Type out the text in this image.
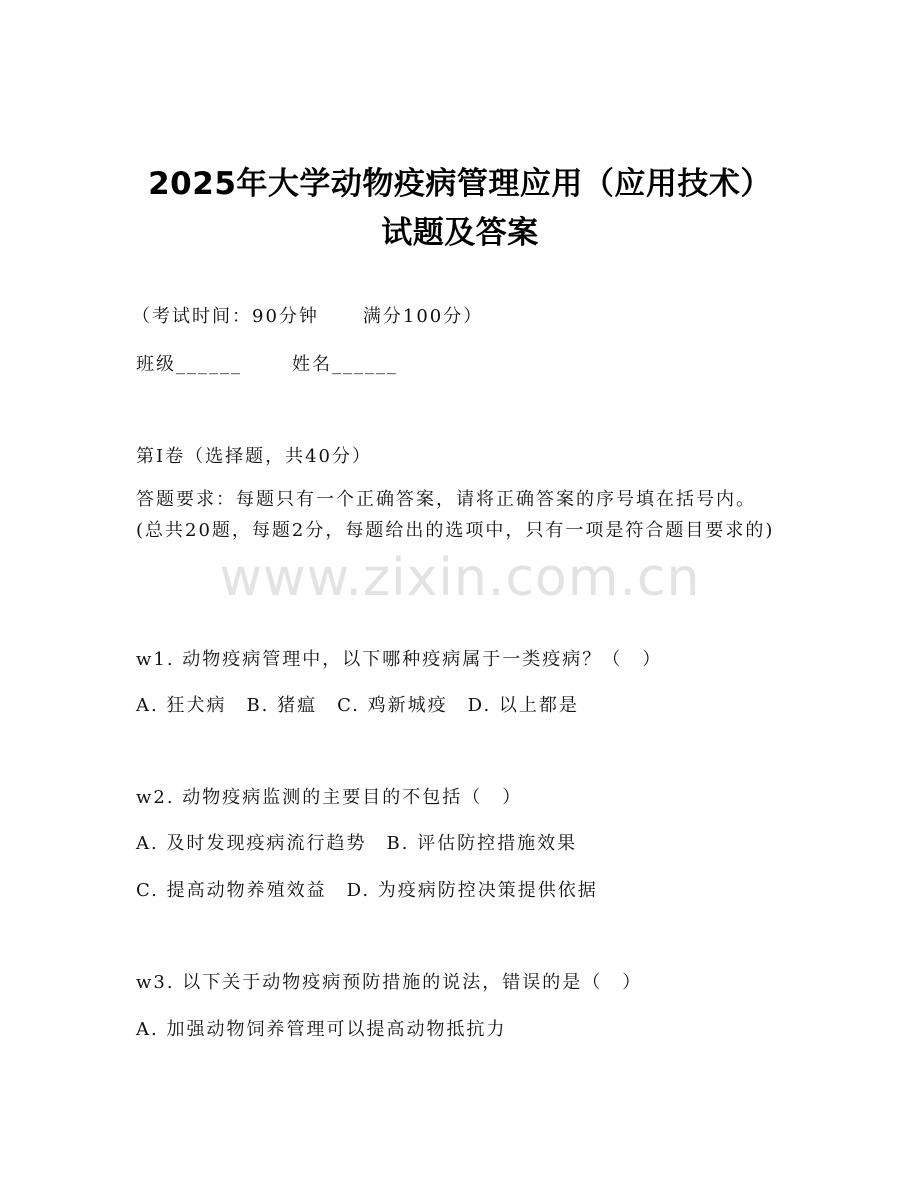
2025年大学动物疫病管理应用（应用技术）
试题及答案
（考试时间：90分钟 满分100分）
班级______	姓名______
第Ⅰ卷（选择题，共40分）
答题要求：每题只有一个正确答案，请将正确答案的序号填在括号内。(总共20题，每题2分，每题给出的选项中，只有一项是符合题目要求的)
www.zixin.com.cn
w1. 动物疫病管理中，以下哪种疫病属于一类疫病？（　）
A. 狂犬病　B. 猪瘟　C. 鸡新城疫　D. 以上都是
w2. 动物疫病监测的主要目的不包括（　）
A. 及时发现疫病流行趋势　B. 评估防控措施效果
C. 提高动物养殖效益　D. 为疫病防控决策提供依据
w3. 以下关于动物疫病预防措施的说法，错误的是（　）
A. 加强动物饲养管理可以提高动物抵抗力
